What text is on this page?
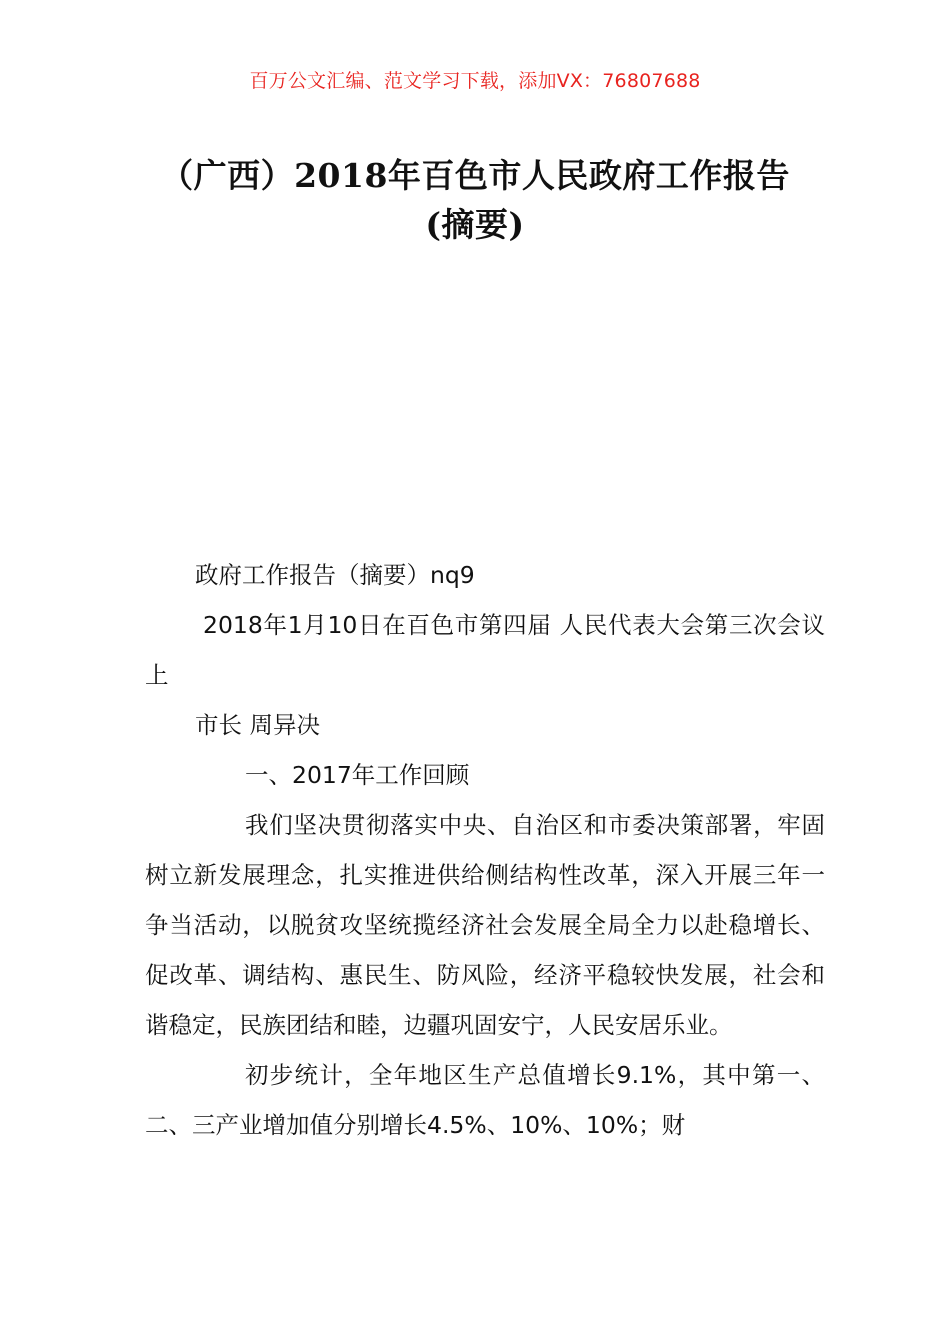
百万公文汇编、范文学习下载，添加VX：76807688
（广西）2018年百色市人民政府工作报告
(摘要)

政府工作报告（摘要）nq9

2018年1月10日在百色市第四届 人民代表大会第三次会议上

市长 周异决

一、2017年工作回顾

我们坚决贯彻落实中央、自治区和市委决策部署，牢固树立新发展理念，扎实推进供给侧结构性改革，深入开展三年一争当活动，以脱贫攻坚统揽经济社会发展全局全力以赴稳增长、促改革、调结构、惠民生、防风险，经济平稳较快发展，社会和谐稳定，民族团结和睦，边疆巩固安宁，人民安居乐业。

初步统计，全年地区生产总值增长9.1%，其中第一、二、三产业增加值分别增长4.5%、10%、10%；财
